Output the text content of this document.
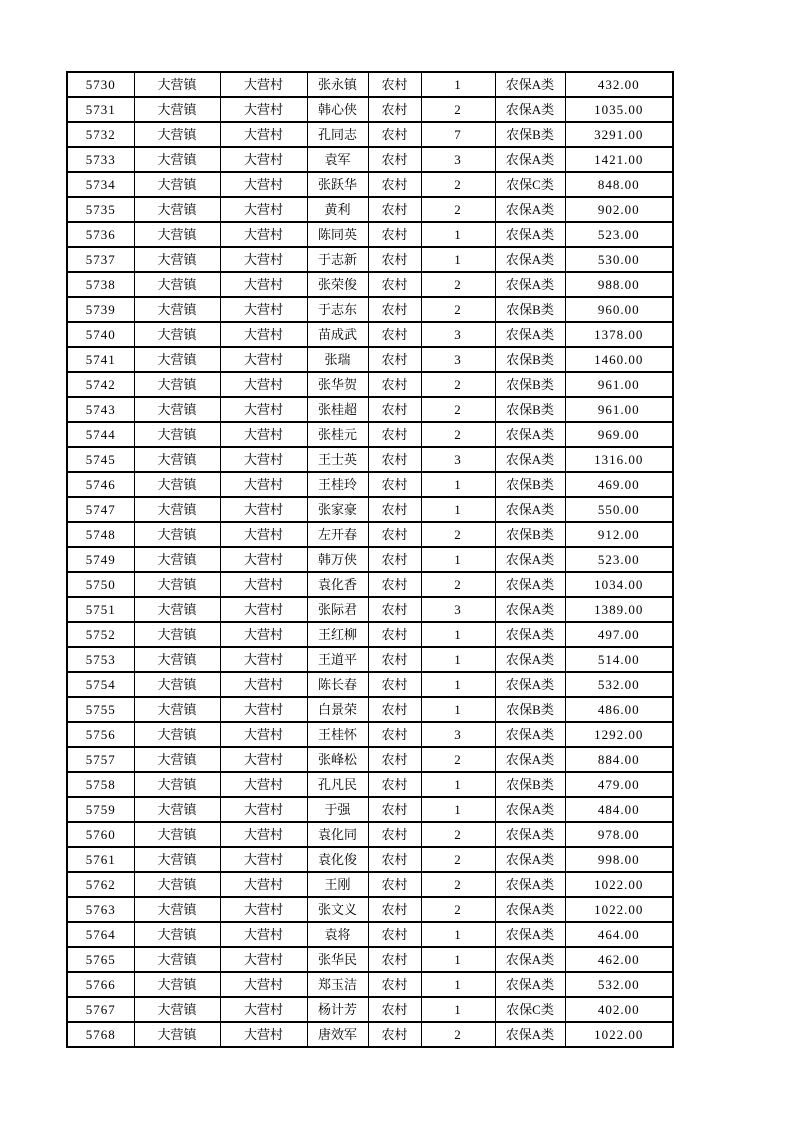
5730	大营镇	大营村	张永镇	农村	1	农保A类	432.00
5731	大营镇	大营村	韩心侠	农村	2	农保A类	1035.00
5732	大营镇	大营村	孔同志	农村	7	农保B类	3291.00
5733	大营镇	大营村	袁军	农村	3	农保A类	1421.00
5734	大营镇	大营村	张跃华	农村	2	农保C类	848.00
5735	大营镇	大营村	黄利	农村	2	农保A类	902.00
5736	大营镇	大营村	陈同英	农村	1	农保A类	523.00
5737	大营镇	大营村	于志新	农村	1	农保A类	530.00
5738	大营镇	大营村	张荣俊	农村	2	农保A类	988.00
5739	大营镇	大营村	于志东	农村	2	农保B类	960.00
5740	大营镇	大营村	苗成武	农村	3	农保A类	1378.00
5741	大营镇	大营村	张瑞	农村	3	农保B类	1460.00
5742	大营镇	大营村	张华贺	农村	2	农保B类	961.00
5743	大营镇	大营村	张桂超	农村	2	农保B类	961.00
5744	大营镇	大营村	张桂元	农村	2	农保A类	969.00
5745	大营镇	大营村	王士英	农村	3	农保A类	1316.00
5746	大营镇	大营村	王桂玲	农村	1	农保B类	469.00
5747	大营镇	大营村	张家豪	农村	1	农保A类	550.00
5748	大营镇	大营村	左开春	农村	2	农保B类	912.00
5749	大营镇	大营村	韩万侠	农村	1	农保A类	523.00
5750	大营镇	大营村	袁化香	农村	2	农保A类	1034.00
5751	大营镇	大营村	张际君	农村	3	农保A类	1389.00
5752	大营镇	大营村	王红柳	农村	1	农保A类	497.00
5753	大营镇	大营村	王道平	农村	1	农保A类	514.00
5754	大营镇	大营村	陈长春	农村	1	农保A类	532.00
5755	大营镇	大营村	白景荣	农村	1	农保B类	486.00
5756	大营镇	大营村	王桂怀	农村	3	农保A类	1292.00
5757	大营镇	大营村	张峰松	农村	2	农保A类	884.00
5758	大营镇	大营村	孔凡民	农村	1	农保B类	479.00
5759	大营镇	大营村	于强	农村	1	农保A类	484.00
5760	大营镇	大营村	袁化同	农村	2	农保A类	978.00
5761	大营镇	大营村	袁化俊	农村	2	农保A类	998.00
5762	大营镇	大营村	王刚	农村	2	农保A类	1022.00
5763	大营镇	大营村	张文义	农村	2	农保A类	1022.00
5764	大营镇	大营村	袁将	农村	1	农保A类	464.00
5765	大营镇	大营村	张华民	农村	1	农保A类	462.00
5766	大营镇	大营村	郑玉洁	农村	1	农保A类	532.00
5767	大营镇	大营村	杨计芳	农村	1	农保C类	402.00
5768	大营镇	大营村	唐效军	农村	2	农保A类	1022.00
